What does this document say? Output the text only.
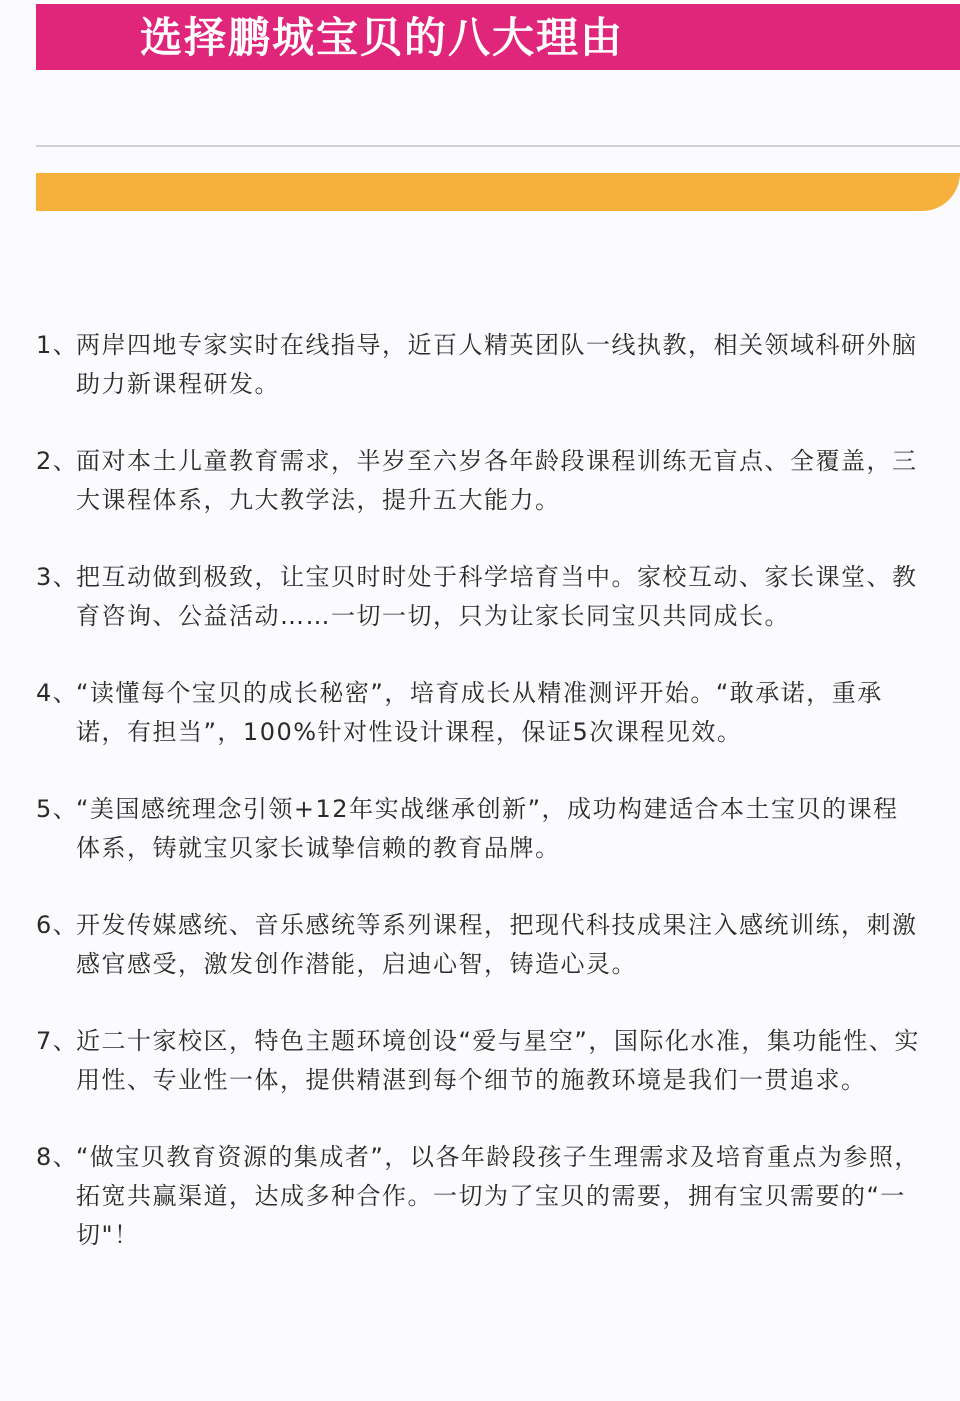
选择鹏城宝贝的八大理由
1、
两岸四地专家实时在线指导，近百人精英团队一线执教，相关领域科研外脑助力新课程研发。
2、
面对本土儿童教育需求，半岁至六岁各年龄段课程训练无盲点、全覆盖，三大课程体系，九大教学法，提升五大能力。
3、
把互动做到极致，让宝贝时时处于科学培育当中。家校互动、家长课堂、教育咨询、公益活动……一切一切，只为让家长同宝贝共同成长。
4、
“读懂每个宝贝的成长秘密”，培育成长从精准测评开始。“敢承诺，重承诺，有担当”，100%针对性设计课程，保证5次课程见效。
5、
“美国感统理念引领+12年实战继承创新”，成功构建适合本土宝贝的课程体系，铸就宝贝家长诚挚信赖的教育品牌。
6、
开发传媒感统、音乐感统等系列课程，把现代科技成果注入感统训练，刺激感官感受，激发创作潜能，启迪心智，铸造心灵。
7、
近二十家校区，特色主题环境创设“爱与星空”，国际化水准，集功能性、实用性、专业性一体，提供精湛到每个细节的施教环境是我们一贯追求。
8、
“做宝贝教育资源的集成者”，以各年龄段孩子生理需求及培育重点为参照，拓宽共赢渠道，达成多种合作。一切为了宝贝的需要，拥有宝贝需要的“一切"！
